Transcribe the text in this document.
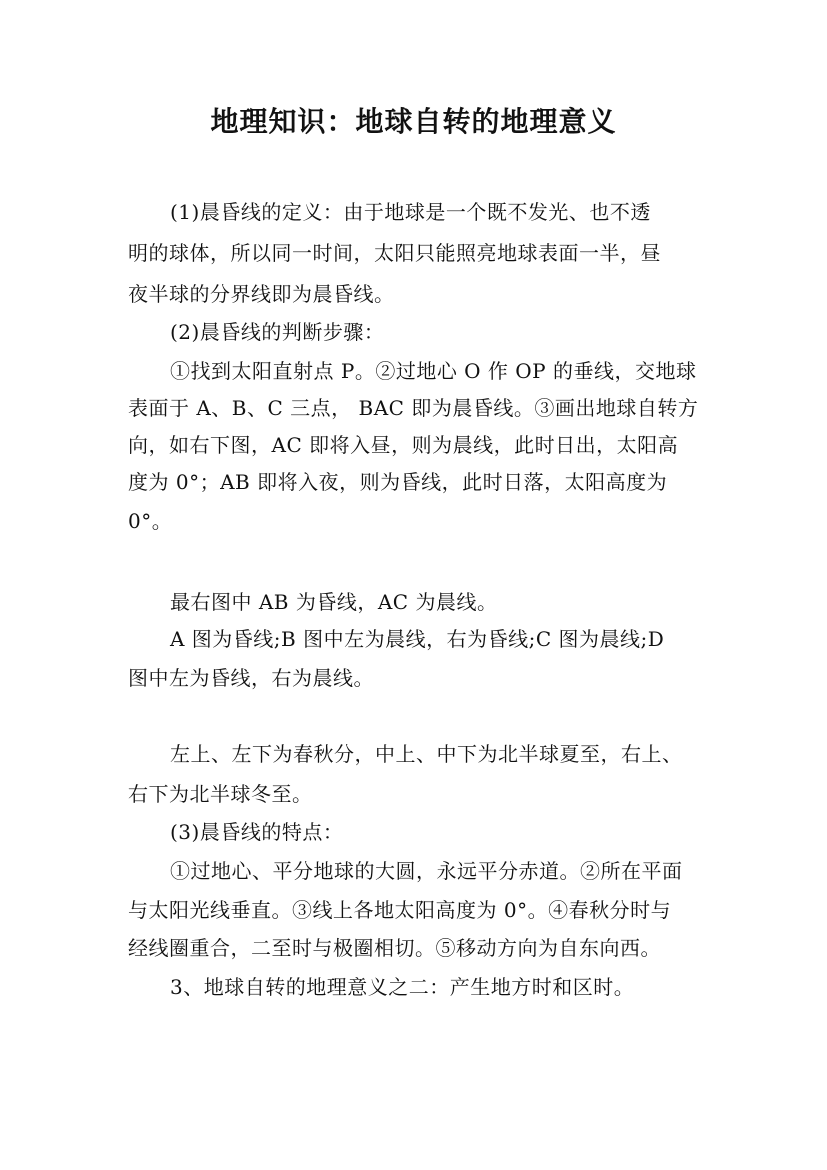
地理知识：地球自转的地理意义
(1)晨昏线的定义：由于地球是一个既不发光、也不透
明的球体，所以同一时间，太阳只能照亮地球表面一半，昼
夜半球的分界线即为晨昏线。
(2)晨昏线的判断步骤：
①找到太阳直射点 P。②过地心 O 作 OP 的垂线，交地球
表面于 A、B、C 三点， BAC 即为晨昏线。③画出地球自转方
向，如右下图，AC 即将入昼，则为晨线，此时日出，太阳高
度为 0°；AB 即将入夜，则为昏线，此时日落，太阳高度为
0°。
最右图中 AB 为昏线，AC 为晨线。
A 图为昏线;B 图中左为晨线，右为昏线;C 图为晨线;D
图中左为昏线，右为晨线。
左上、左下为春秋分，中上、中下为北半球夏至，右上、
右下为北半球冬至。
(3)晨昏线的特点：
①过地心、平分地球的大圆，永远平分赤道。②所在平面
与太阳光线垂直。③线上各地太阳高度为 0°。④春秋分时与
经线圈重合，二至时与极圈相切。⑤移动方向为自东向西。
3、地球自转的地理意义之二：产生地方时和区时。
